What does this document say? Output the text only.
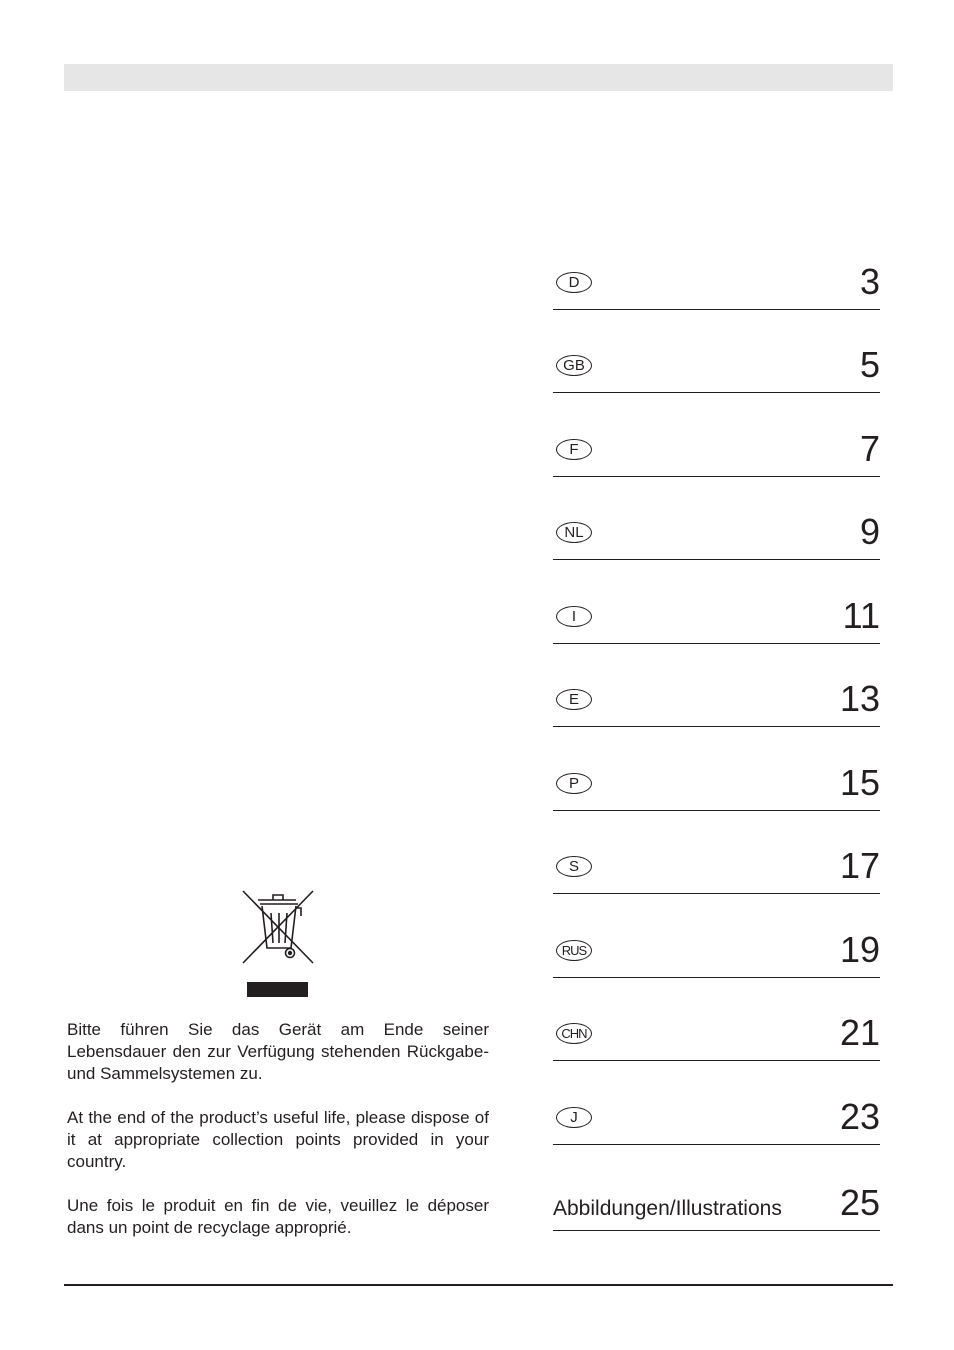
D	3
GB	5
F	7
NL	9
I	11
E	13
P	15
S	17
RUS	19
CHN	21
J	23
Abbildungen/Illustrations 25

Bitte führen Sie das Gerät am Ende seiner Lebensdauer den zur Verfügung stehenden Rückgabe- und Sammelsystemen zu.

At the end of the product’s useful life, please dispose of it at appropriate collection points provided in your country.

Une fois le produit en fin de vie, veuillez le déposer dans un point de recyclage approprié.
